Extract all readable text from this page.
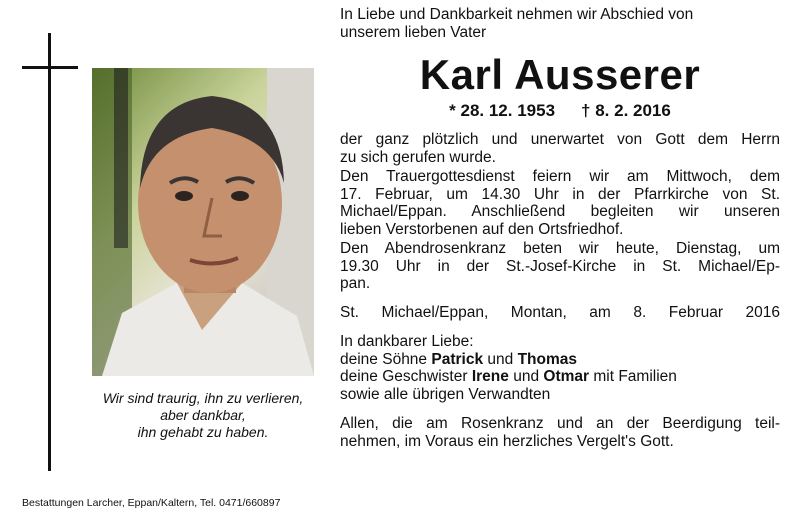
Wir sind traurig, ihn zu verlieren,
aber dankbar,
ihn gehabt zu haben.
Bestattungen Larcher, Eppan/Kaltern, Tel. 0471/660897
In Liebe und Dankbarkeit nehmen wir Abschied von
unserem lieben Vater
Karl Ausserer
* 28. 12. 1953 † 8. 2. 2016
der ganz plötzlich und unerwartet von Gott dem Herrn
zu sich gerufen wurde.
Den Trauergottesdienst feiern wir am Mittwoch, dem
17. Februar, um 14.30 Uhr in der Pfarrkirche von St.
Michael/Eppan. Anschließend begleiten wir unseren
lieben Verstorbenen auf den Ortsfriedhof.
Den Abendrosenkranz beten wir heute, Dienstag, um
19.30 Uhr in der St.-Josef-Kirche in St. Michael/Ep-
pan.
St. Michael/Eppan, Montan, am 8. Februar 2016
In dankbarer Liebe:
deine Söhne Patrick und Thomas
deine Geschwister Irene und Otmar mit Familien
sowie alle übrigen Verwandten
Allen, die am Rosenkranz und an der Beerdigung teil-
nehmen, im Voraus ein herzliches Vergelt's Gott.
